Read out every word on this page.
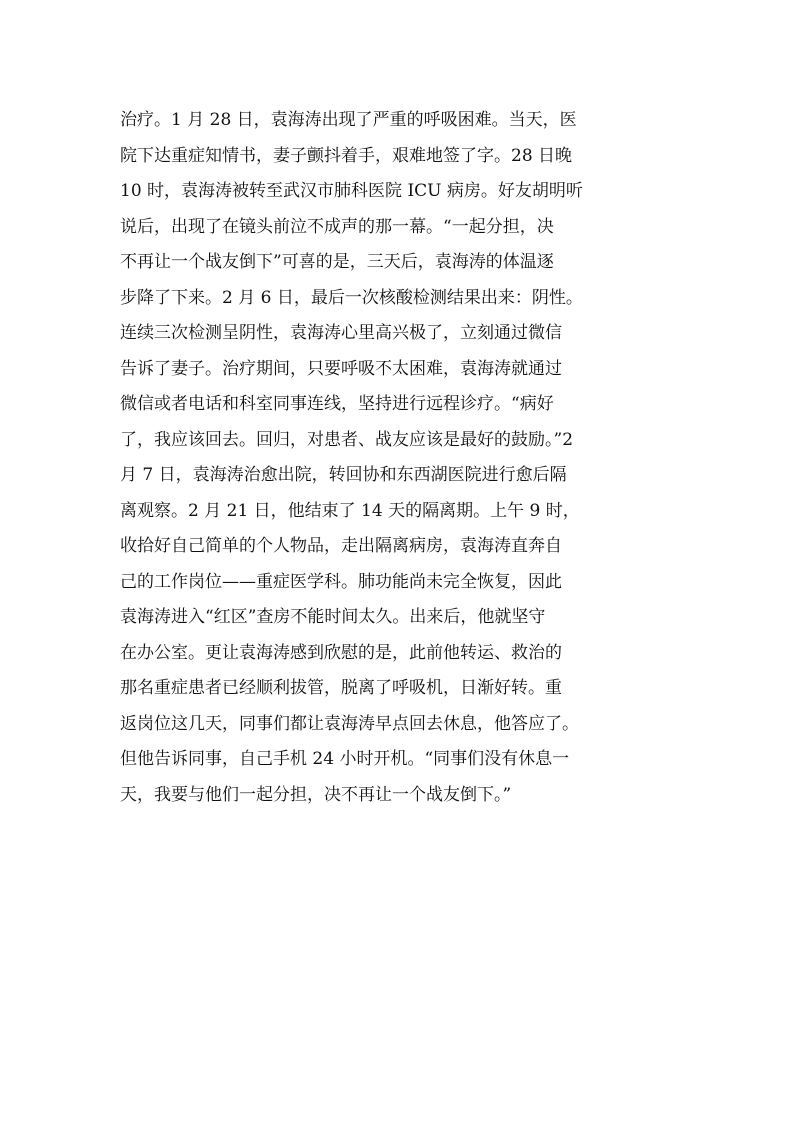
治疗。1 月 28 日，袁海涛出现了严重的呼吸困难。当天，医
院下达重症知情书，妻子颤抖着手，艰难地签了字。28 日晚
10 时，袁海涛被转至武汉市肺科医院 ICU 病房。好友胡明听
说后，出现了在镜头前泣不成声的那一幕。“一起分担，决
不再让一个战友倒下”可喜的是，三天后，袁海涛的体温逐
步降了下来。2 月 6 日，最后一次核酸检测结果出来：阴性。
连续三次检测呈阴性，袁海涛心里高兴极了，立刻通过微信
告诉了妻子。治疗期间，只要呼吸不太困难，袁海涛就通过
微信或者电话和科室同事连线，坚持进行远程诊疗。“病好
了，我应该回去。回归，对患者、战友应该是最好的鼓励。”2
月 7 日，袁海涛治愈出院，转回协和东西湖医院进行愈后隔
离观察。2 月 21 日，他结束了 14 天的隔离期。上午 9 时，
收拾好自己简单的个人物品，走出隔离病房，袁海涛直奔自
己的工作岗位——重症医学科。肺功能尚未完全恢复，因此
袁海涛进入“红区”查房不能时间太久。出来后，他就坚守
在办公室。更让袁海涛感到欣慰的是，此前他转运、救治的
那名重症患者已经顺利拔管，脱离了呼吸机，日渐好转。重
返岗位这几天，同事们都让袁海涛早点回去休息，他答应了。
但他告诉同事，自己手机 24 小时开机。“同事们没有休息一
天，我要与他们一起分担，决不再让一个战友倒下。”
